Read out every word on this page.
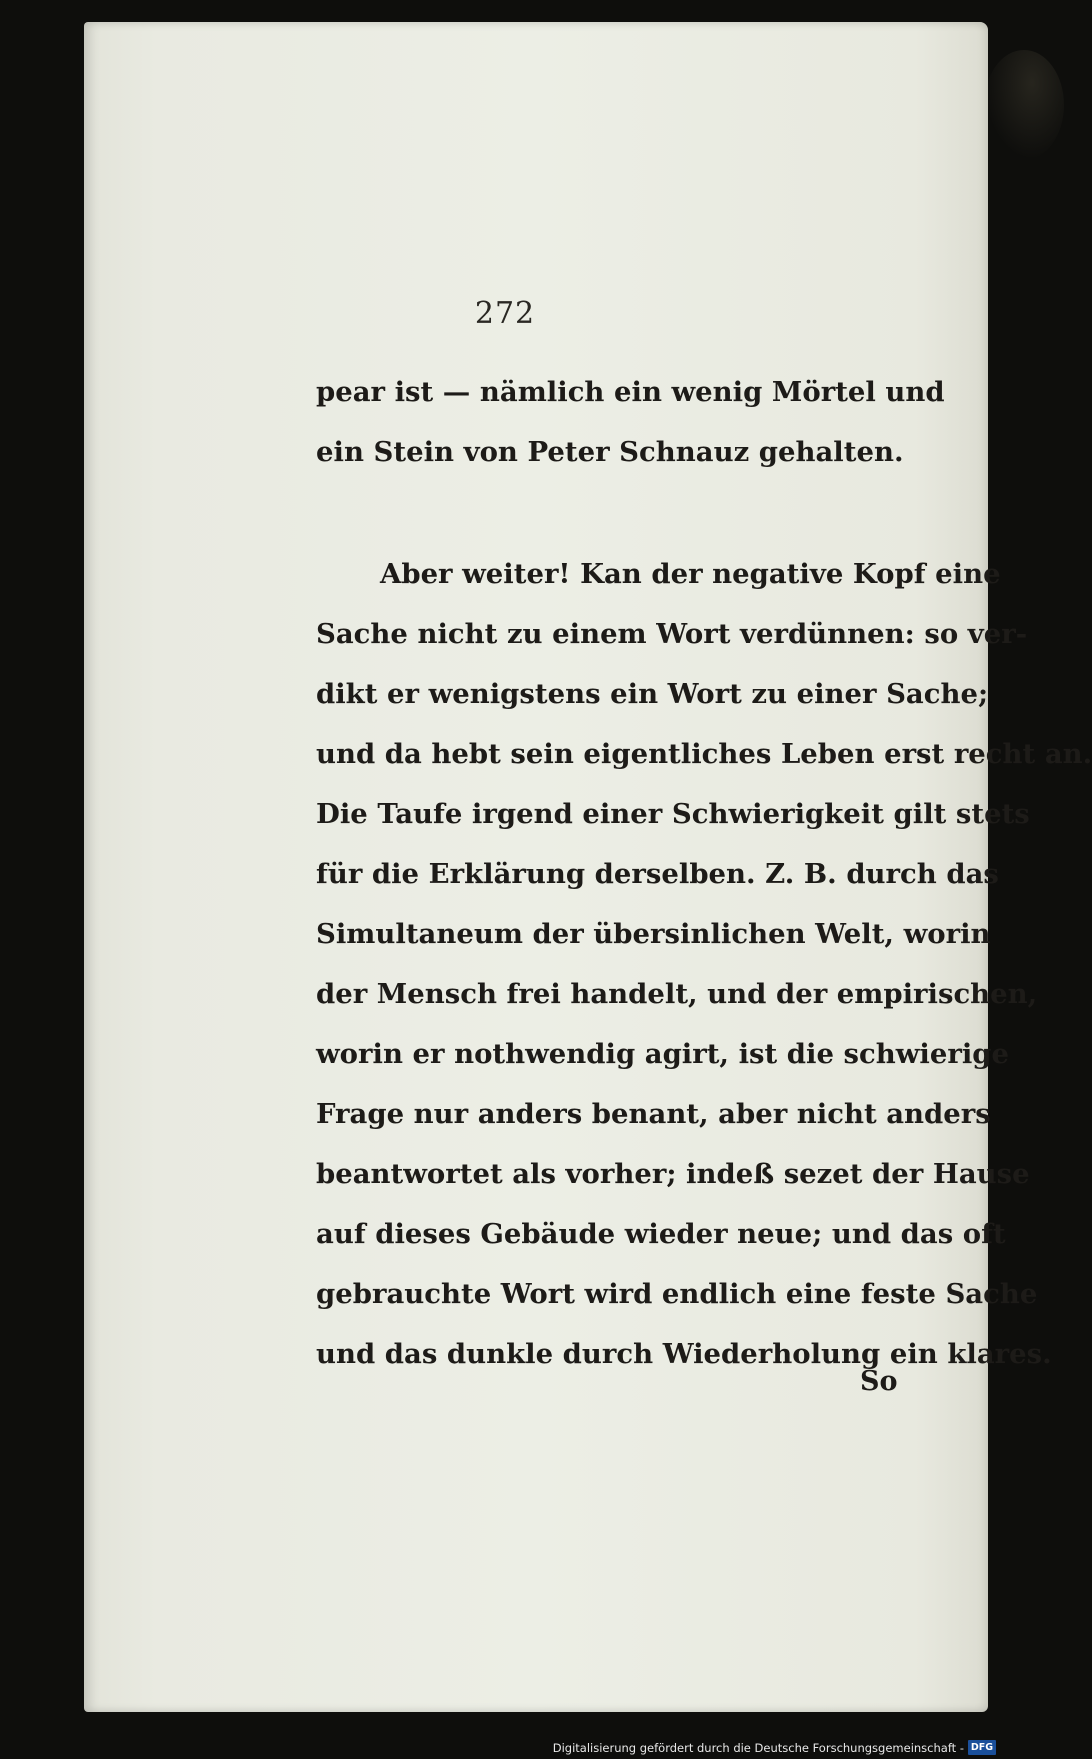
272
pear ist — nämlich ein wenig Mörtel und
ein Stein von Peter Schnauz gehalten.
Aber weiter! Kan der negative Kopf eine
Sache nicht zu einem Wort verdünnen: so ver-
dikt er wenigstens ein Wort zu einer Sache;
und da hebt sein eigentliches Leben erst recht an.
Die Taufe irgend einer Schwierigkeit gilt stets
für die Erklärung derselben. Z. B. durch das
Simultaneum der übersinlichen Welt, worin
der Mensch frei handelt, und der empirischen,
worin er nothwendig agirt, ist die schwierige
Frage nur anders benant, aber nicht anders
beantwortet als vorher; indeß sezet der Hause
auf dieses Gebäude wieder neue; und das oft
gebrauchte Wort wird endlich eine feste Sache
und das dunkle durch Wiederholung ein klares.
So
Digitalisierung gefördert durch die Deutsche Forschungsgemeinschaft - DFG
